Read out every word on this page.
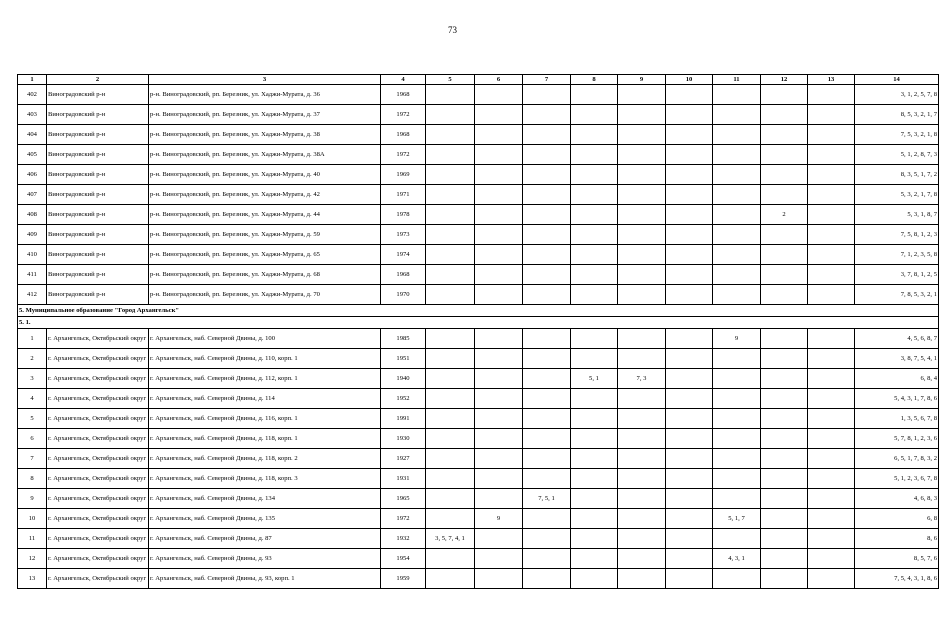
73
1	2	3	4	5	6	7	8	9	10	11	12	13	14
402	Виноградовский р-н	р-н. Виноградовский, рп. Березник, ул. Хаджи-Мурата, д. 36	1968										3, 1, 2, 5, 7, 8
403	Виноградовский р-н	р-н. Виноградовский, рп. Березник, ул. Хаджи-Мурата, д. 37	1972										8, 5, 3, 2, 1, 7
404	Виноградовский р-н	р-н. Виноградовский, рп. Березник, ул. Хаджи-Мурата, д. 38	1968										7, 5, 3, 2, 1, 8
405	Виноградовский р-н	р-н. Виноградовский, рп. Березник, ул. Хаджи-Мурата, д. 38А	1972										5, 1, 2, 8, 7, 3
406	Виноградовский р-н	р-н. Виноградовский, рп. Березник, ул. Хаджи-Мурата, д. 40	1969										8, 3, 5, 1, 7, 2
407	Виноградовский р-н	р-н. Виноградовский, рп. Березник, ул. Хаджи-Мурата, д. 42	1971										5, 3, 2, 1, 7, 8
408	Виноградовский р-н	р-н. Виноградовский, рп. Березник, ул. Хаджи-Мурата, д. 44	1978								2		5, 3, 1, 8, 7
409	Виноградовский р-н	р-н. Виноградовский, рп. Березник, ул. Хаджи-Мурата, д. 59	1973										7, 5, 8, 1, 2, 3
410	Виноградовский р-н	р-н. Виноградовский, рп. Березник, ул. Хаджи-Мурата, д. 65	1974										7, 1, 2, 3, 5, 8
411	Виноградовский р-н	р-н. Виноградовский, рп. Березник, ул. Хаджи-Мурата, д. 68	1968										3, 7, 8, 1, 2, 5
412	Виноградовский р-н	р-н. Виноградовский, рп. Березник, ул. Хаджи-Мурата, д. 70	1970										7, 8, 5, 3, 2, 1
5. Муниципальное образование "Город Архангельск"													
5. 1.													
1	г. Архангельск, Октябрьский округ	г. Архангельск, наб. Северной Двины, д. 100	1985							9			4, 5, 6, 8, 7
2	г. Архангельск, Октябрьский округ	г. Архангельск, наб. Северной Двины, д. 110, корп. 1	1951										3, 8, 7, 5, 4, 1
3	г. Архангельск, Октябрьский округ	г. Архангельск, наб. Северной Двины, д. 112, корп. 1	1940				5, 1	7, 3					6, 8, 4
4	г. Архангельск, Октябрьский округ	г. Архангельск, наб. Северной Двины, д. 114	1952										5, 4, 3, 1, 7, 8, 6
5	г. Архангельск, Октябрьский округ	г. Архангельск, наб. Северной Двины, д. 116, корп. 1	1991										1, 3, 5, 6, 7, 8
6	г. Архангельск, Октябрьский округ	г. Архангельск, наб. Северной Двины, д. 118, корп. 1	1930										5, 7, 8, 1, 2, 3, 6
7	г. Архангельск, Октябрьский округ	г. Архангельск, наб. Северной Двины, д. 118, корп. 2	1927										6, 5, 1, 7, 8, 3, 2
8	г. Архангельск, Октябрьский округ	г. Архангельск, наб. Северной Двины, д. 118, корп. 3	1931										5, 1, 2, 3, 6, 7, 8
9	г. Архангельск, Октябрьский округ	г. Архангельск, наб. Северной Двины, д. 134	1965			7, 5, 1							4, 6, 8, 3
10	г. Архангельск, Октябрьский округ	г. Архангельск, наб. Северной Двины, д. 135	1972		9					5, 1, 7			6, 8
11	г. Архангельск, Октябрьский округ	г. Архангельск, наб. Северной Двины, д. 87	1932	3, 5, 7, 4, 1									8, 6
12	г. Архангельск, Октябрьский округ	г. Архангельск, наб. Северной Двины, д. 93	1954							4, 3, 1			8, 5, 7, 6
13	г. Архангельск, Октябрьский округ	г. Архангельск, наб. Северной Двины, д. 93, корп. 1	1959										7, 5, 4, 3, 1, 8, 6
